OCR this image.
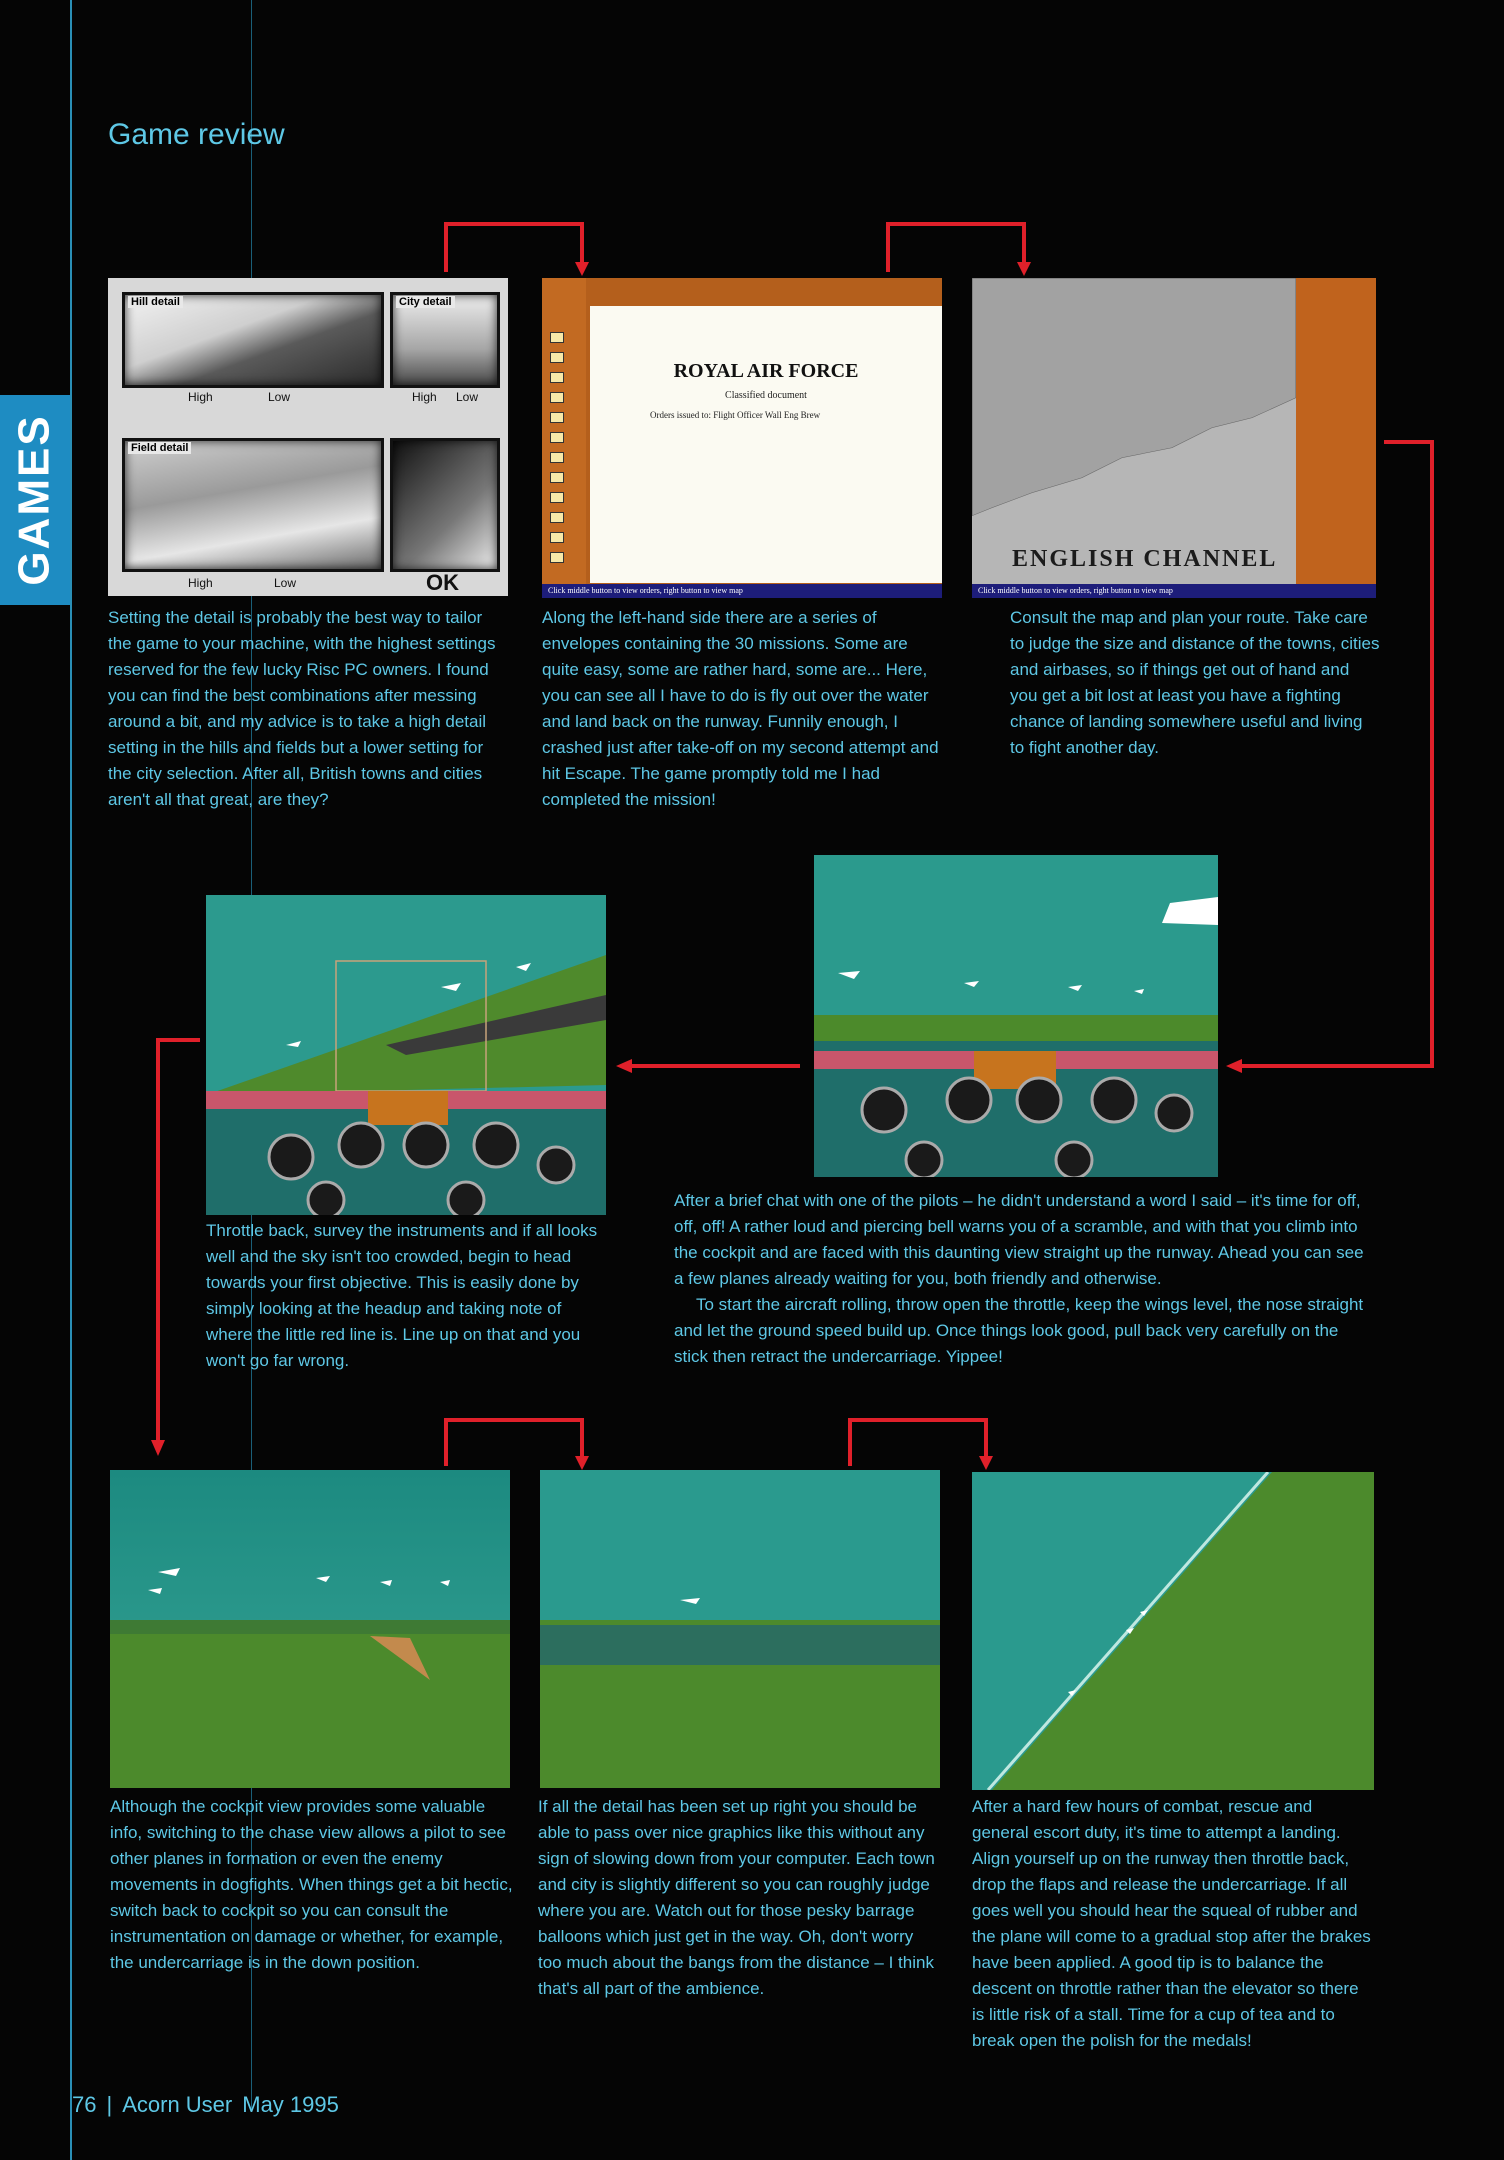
GAMES
Game review
Hill detail	City detail
High	Low	High Low
Field detail
High	Low	OK
ROYAL AIR FORCE
Classified document
Orders issued to: Flight Officer Wall Eng Brew
Click middle button to view orders, right button to view map
ENGLISH CHANNEL
Click middle button to view orders, right button to view map

Setting the detail is probably the best way to tailor the game to your machine, with the highest settings reserved for the few lucky Risc PC owners. I found you can find the best combinations after messing around a bit, and my advice is to take a high detail setting in the hills and fields but a lower setting for the city selection. After all, British towns and cities aren't all that great, are they?

Along the left-hand side there are a series of envelopes containing the 30 missions. Some are quite easy, some are rather hard, some are... Here, you can see all I have to do is fly out over the water and land back on the runway. Funnily enough, I crashed just after take-off on my second attempt and hit Escape. The game promptly told me I had completed the mission!

Consult the map and plan your route. Take care to judge the size and distance of the towns, cities and airbases, so if things get out of hand and you get a bit lost at least you have a fighting chance of landing somewhere useful and living to fight another day.

Throttle back, survey the instruments and if all looks well and the sky isn't too crowded, begin to head towards your first objective. This is easily done by simply looking at the headup and taking note of where the little red line is. Line up on that and you won't go far wrong.

After a brief chat with one of the pilots – he didn't understand a word I said – it's time for off, off, off! A rather loud and piercing bell warns you of a scramble, and with that you climb into the cockpit and are faced with this daunting view straight up the runway. Ahead you can see a few planes already waiting for you, both friendly and otherwise.

To start the aircraft rolling, throw open the throttle, keep the wings level, the nose straight and let the ground speed build up. Once things look good, pull back very carefully on the stick then retract the undercarriage. Yippee!

Although the cockpit view provides some valuable info, switching to the chase view allows a pilot to see other planes in formation or even the enemy movements in dogfights. When things get a bit hectic, switch back to cockpit so you can consult the instrumentation on damage or whether, for example, the undercarriage is in the down position.

If all the detail has been set up right you should be able to pass over nice graphics like this without any sign of slowing down from your computer. Each town and city is slightly different so you can roughly judge where you are. Watch out for those pesky barrage balloons which just get in the way. Oh, don't worry too much about the bangs from the distance – I think that's all part of the ambience.

After a hard few hours of combat, rescue and general escort duty, it's time to attempt a landing. Align yourself up on the runway then throttle back, drop the flaps and release the undercarriage. If all goes well you should hear the squeal of rubber and the plane will come to a gradual stop after the brakes have been applied. A good tip is to balance the descent on throttle rather than the elevator so there is little risk of a stall. Time for a cup of tea and to break open the polish for the medals!

76 | Acorn User May 1995
